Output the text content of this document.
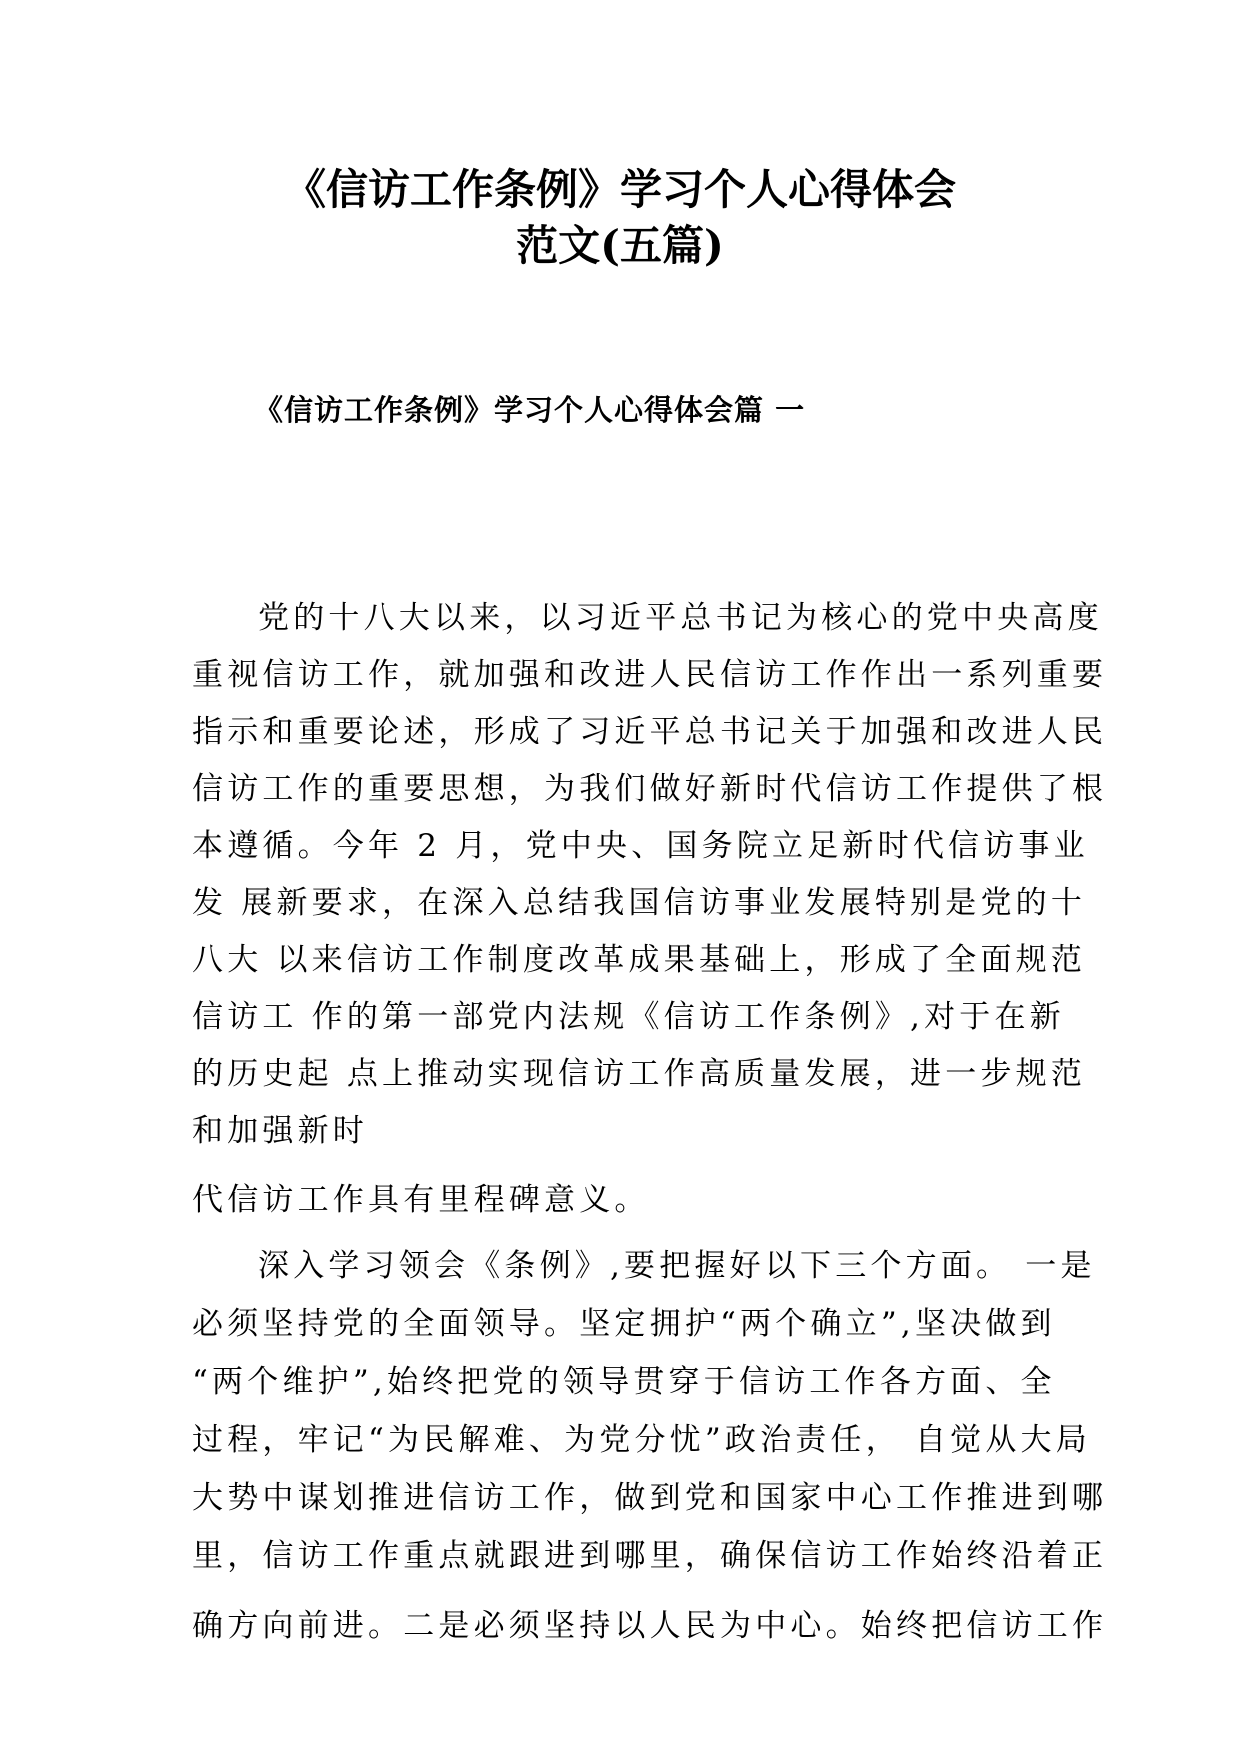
《信访工作条例》学习个人心得体会
范文(五篇)
《信访工作条例》学习个人心得体会篇 一

党的十八大以来，以习近平总书记为核心的党中央高度

重视信访工作，就加强和改进人民信访工作作出一系列重要

指示和重要论述，形成了习近平总书记关于加强和改进人民

信访工作的重要思想，为我们做好新时代信访工作提供了根

本遵循。今年 2 月，党中央、国务院立足新时代信访事业

发 展新要求，在深入总结我国信访事业发展特别是党的十

八大 以来信访工作制度改革成果基础上，形成了全面规范

信访工 作的第一部党内法规《信访工作条例》,对于在新

的历史起 点上推动实现信访工作高质量发展，进一步规范

和加强新时

代信访工作具有里程碑意义。

深入学习领会《条例》,要把握好以下三个方面。 一是

必须坚持党的全面领导。坚定拥护“两个确立”,坚决做到

“两个维护”,始终把党的领导贯穿于信访工作各方面、全

过程，牢记“为民解难、为党分忧”政治责任， 自觉从大局

大势中谋划推进信访工作，做到党和国家中心工作推进到哪

里，信访工作重点就跟进到哪里，确保信访工作始终沿着正

确方向前进。二是必须坚持以人民为中心。始终把信访工作
